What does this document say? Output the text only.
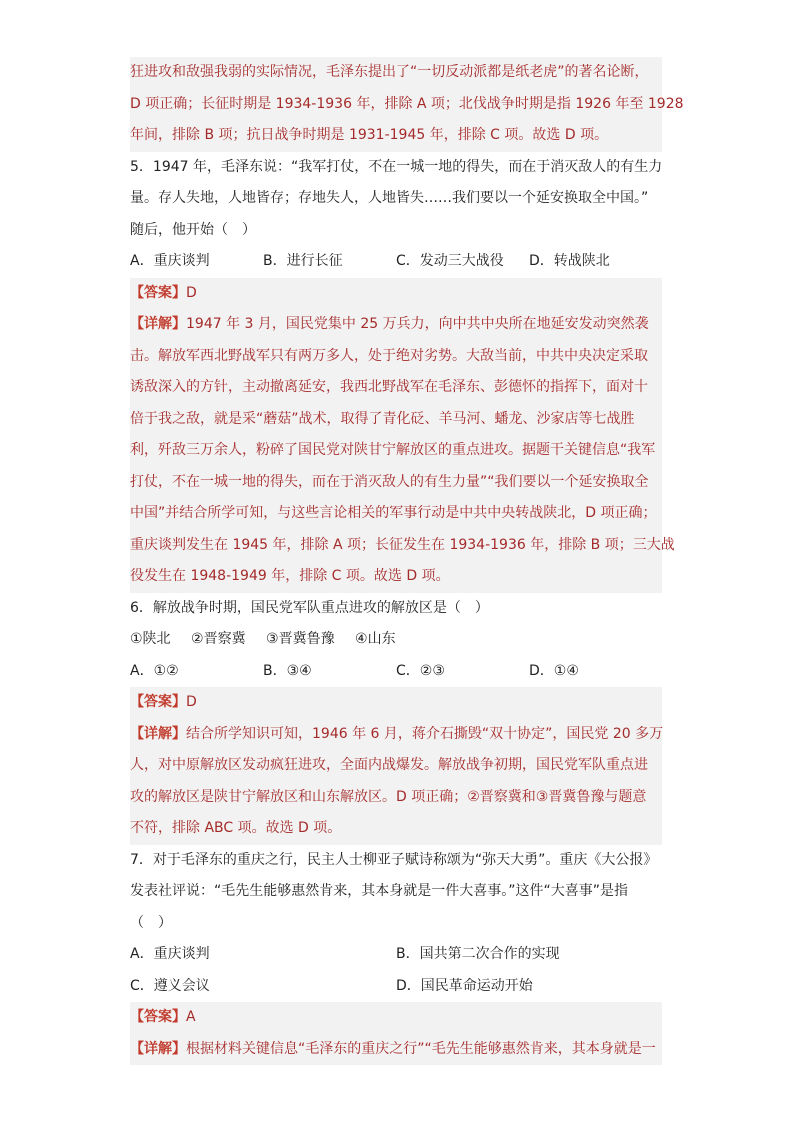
狂进攻和敌强我弱的实际情况，毛泽东提出了“一切反动派都是纸老虎”的著名论断，
D 项正确；长征时期是 1934-1936 年，排除 A 项；北伐战争时期是指 1926 年至 1928
年间，排除 B 项；抗日战争时期是 1931-1945 年，排除 C 项。故选 D 项。
5．1947 年，毛泽东说：“我军打仗，不在一城一地的得失，而在于消灭敌人的有生力
量。存人失地，人地皆存；存地失人，人地皆失……我们要以一个延安换取全中国。”
随后，他开始（　）
A．重庆谈判	B．进行长征	C．发动三大战役	D．转战陕北
【答案】D
【详解】1947 年 3 月，国民党集中 25 万兵力，向中共中央所在地延安发动突然袭
击。解放军西北野战军只有两万多人，处于绝对劣势。大敌当前，中共中央决定采取
诱敌深入的方针，主动撤离延安，我西北野战军在毛泽东、彭德怀的指挥下，面对十
倍于我之敌，就是采“蘑菇”战术，取得了青化砭、羊马河、蟠龙、沙家店等七战胜
利，歼敌三万余人，粉碎了国民党对陕甘宁解放区的重点进攻。据题干关键信息“我军
打仗，不在一城一地的得失，而在于消灭敌人的有生力量”“我们要以一个延安换取全
中国”并结合所学可知，与这些言论相关的军事行动是中共中央转战陕北，D 项正确；
重庆谈判发生在 1945 年，排除 A 项；长征发生在 1934-1936 年，排除 B 项；三大战
役发生在 1948-1949 年，排除 C 项。故选 D 项。
6．解放战争时期，国民党军队重点进攻的解放区是（　）
①陕北 ②晋察冀 ③晋冀鲁豫 ④山东
A．①②	B．③④	C．②③	D．①④
【答案】D
【详解】结合所学知识可知，1946 年 6 月，蒋介石撕毁“双十协定”，国民党 20 多万
人，对中原解放区发动疯狂进攻，全面内战爆发。解放战争初期，国民党军队重点进
攻的解放区是陕甘宁解放区和山东解放区。D 项正确；②晋察冀和③晋冀鲁豫与题意
不符，排除 ABC 项。故选 D 项。
7．对于毛泽东的重庆之行，民主人士柳亚子赋诗称颂为“弥天大勇”。重庆《大公报》
发表社评说：“毛先生能够惠然肯来，其本身就是一件大喜事。”这件“大喜事”是指
（　）
A．重庆谈判	B．国共第二次合作的实现
C．遵义会议	D．国民革命运动开始
【答案】A
【详解】根据材料关键信息“毛泽东的重庆之行”“毛先生能够惠然肯来，其本身就是一
